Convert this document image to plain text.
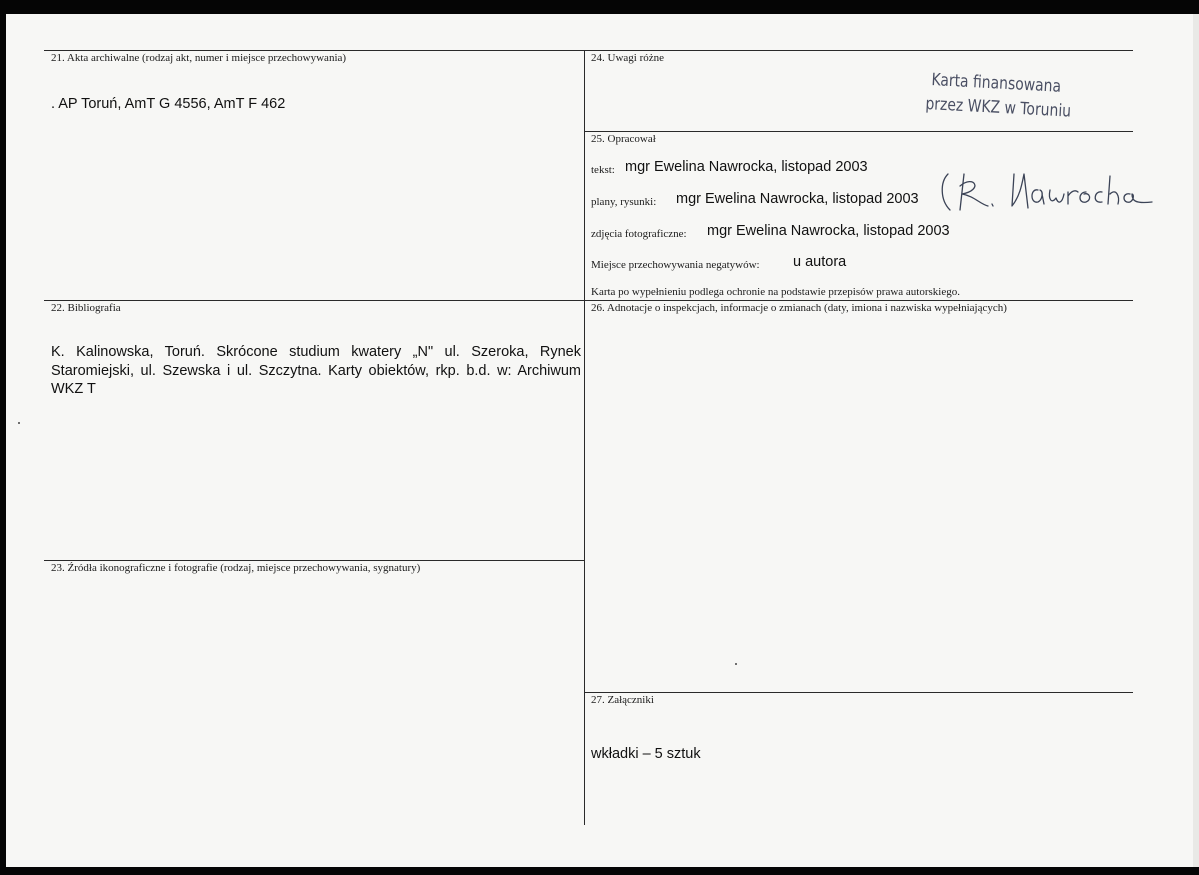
21. Akta archiwalne (rodzaj akt, numer i miejsce przechowywania)
. AP Toruń, AmT G 4556, AmT F 462
22. Bibliografia
K. Kalinowska, Toruń. Skrócone studium kwatery „N" ul. Szeroka, Rynek Staromiejski, ul. Szewska i ul. Szczytna. Karty obiektów, rkp. b.d. w: Archiwum WKZ T
23. Źródła ikonograficzne i fotografie (rodzaj, miejsce przechowywania, sygnatury)
24. Uwagi różne
Karta finansowana
przez WKZ w Toruniu
25. Opracował
tekst: mgr Ewelina Nawrocka, listopad 2003
plany, rysunki: mgr Ewelina Nawrocka, listopad 2003
zdjęcia fotograficzne: mgr Ewelina Nawrocka, listopad 2003
Miejsce przechowywania negatywów: u autora
Karta po wypełnieniu podlega ochronie na podstawie przepisów prawa autorskiego.
26. Adnotacje o inspekcjach, informacje o zmianach (daty, imiona i nazwiska wypełniających)
27. Załączniki
wkładki – 5 sztuk
